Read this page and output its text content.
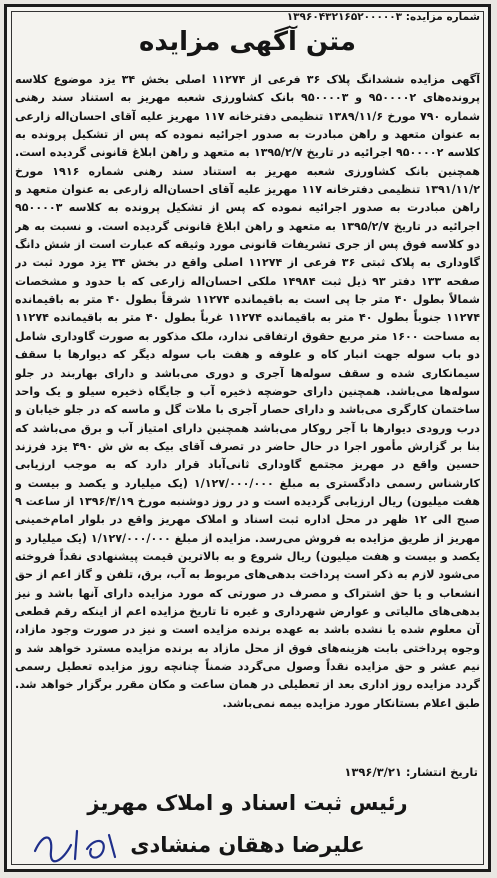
شماره مزایده: ۱۳۹۶۰۴۳۲۱۶۵۲۰۰۰۰۰۳
متن آگهی مزایده
آگهی مزایده ششدانگ پلاک ۳۶ فرعی از ۱۱۲۷۴ اصلی بخش ۳۴ یزد موضوع کلاسه پرونده‌های ۹۵۰۰۰۰۲ و ۹۵۰۰۰۰۳ بانک کشاورزی شعبه مهریز به استناد سند رهنی شماره ۷۹۰ مورخ ۱۳۸۹/۱۱/۶ تنظیمی دفترخانه ۱۱۷ مهریز علیه آقای احسان‌اله زارعی به عنوان متعهد و راهن مبادرت به صدور اجرائیه نموده که پس از تشکیل پرونده به کلاسه ۹۵۰۰۰۰۲ اجرائیه در تاریخ ۱۳۹۵/۲/۷ به متعهد و راهن ابلاغ قانونی گردیده است. همچنین بانک کشاورزی شعبه مهریز به استناد سند رهنی شماره ۱۹۱۶ مورخ ۱۳۹۱/۱۱/۲ تنظیمی دفترخانه ۱۱۷ مهریز علیه آقای احسان‌اله زارعی به عنوان متعهد و راهن مبادرت به صدور اجرائیه نموده که پس از تشکیل پرونده به کلاسه ۹۵۰۰۰۰۳ اجرائیه در تاریخ ۱۳۹۵/۲/۷ به متعهد و راهن ابلاغ قانونی گردیده است. و نسبت به هر دو کلاسه فوق پس از جری تشریفات قانونی مورد وثیقه که عبارت است از شش دانگ گاوداری به پلاک ثبتی ۳۶ فرعی از ۱۱۲۷۴ اصلی واقع در بخش ۳۴ یزد مورد ثبت در صفحه ۱۳۳ دفتر ۹۳ ذیل ثبت ۱۴۹۸۴ ملکی احسان‌اله زارعی که با حدود و مشخصات شمالاً بطول ۴۰ متر جا پی است به باقیمانده ۱۱۲۷۴ شرقاً بطول ۴۰ متر به باقیمانده ۱۱۲۷۴ جنوباً بطول ۴۰ متر به باقیمانده ۱۱۲۷۴ غرباً بطول ۴۰ متر به باقیمانده ۱۱۲۷۴ به مساحت ۱۶۰۰ متر مربع حقوق ارتفاقی ندارد، ملک مذکور به صورت گاوداری شامل دو باب سوله جهت انبار کاه و علوفه و هفت باب سوله دیگر که دیوارها با سقف سیمانکاری شده و سقف سوله‌ها آجری و دوری می‌باشد و دارای بهاربند در جلو سوله‌ها می‌باشد. همچنین دارای حوضچه ذخیره آب و جایگاه ذخیره سیلو و یک واحد ساختمان کارگری می‌باشد و دارای حصار آجری با ملات گل و ماسه که در جلو خیابان و درب ورودی دیوارها با آجر روکار می‌باشد همچنین دارای امتیاز آب و برق می‌باشد که بنا بر گزارش مأمور اجرا در حال حاضر در تصرف آقای بیک به ش ش ۴۹۰ یزد فرزند حسین واقع در مهریز مجتمع گاوداری ثانی‌آباد قرار دارد که به موجب ارزیابی کارشناس رسمی دادگستری به مبلغ ۱/۱۲۷/۰۰۰/۰۰۰ (یک میلیارد و یکصد و بیست و هفت میلیون) ریال ارزیابی گردیده است و در روز دوشنبه مورخ ۱۳۹۶/۴/۱۹ از ساعت ۹ صبح الی ۱۲ ظهر در محل اداره ثبت اسناد و املاک مهریز واقع در بلوار امام‌خمینی مهریز از طریق مزایده به فروش می‌رسد. مزایده از مبلغ ۱/۱۲۷/۰۰۰/۰۰۰ (یک میلیارد و یکصد و بیست و هفت میلیون) ریال شروع و به بالاترین قیمت پیشنهادی نقداً فروخته می‌شود لازم به ذکر است پرداخت بدهی‌های مربوط به آب، برق، تلفن و گاز اعم از حق انشعاب و یا حق اشتراک و مصرف در صورتی که مورد مزایده دارای آنها باشد و نیز بدهی‌های مالیاتی و عوارض شهرداری و غیره تا تاریخ مزایده اعم از اینکه رقم قطعی آن معلوم شده یا نشده باشد به عهده برنده مزایده است و نیز در صورت وجود مازاد، وجوه پرداختی بابت هزینه‌های فوق از محل مازاد به برنده مزایده مسترد خواهد شد و نیم عشر و حق مزایده نقداً وصول می‌گردد ضمناً چنانچه روز مزایده تعطیل رسمی گردد مزایده روز اداری بعد از تعطیلی در همان ساعت و مکان مقرر برگزار خواهد شد. طبق اعلام بستانکار مورد مزایده بیمه نمی‌باشد.
تاریخ انتشار: ۱۳۹۶/۳/۲۱
رئیس ثبت اسناد و املاک مهریز
علیرضا دهقان منشادی
